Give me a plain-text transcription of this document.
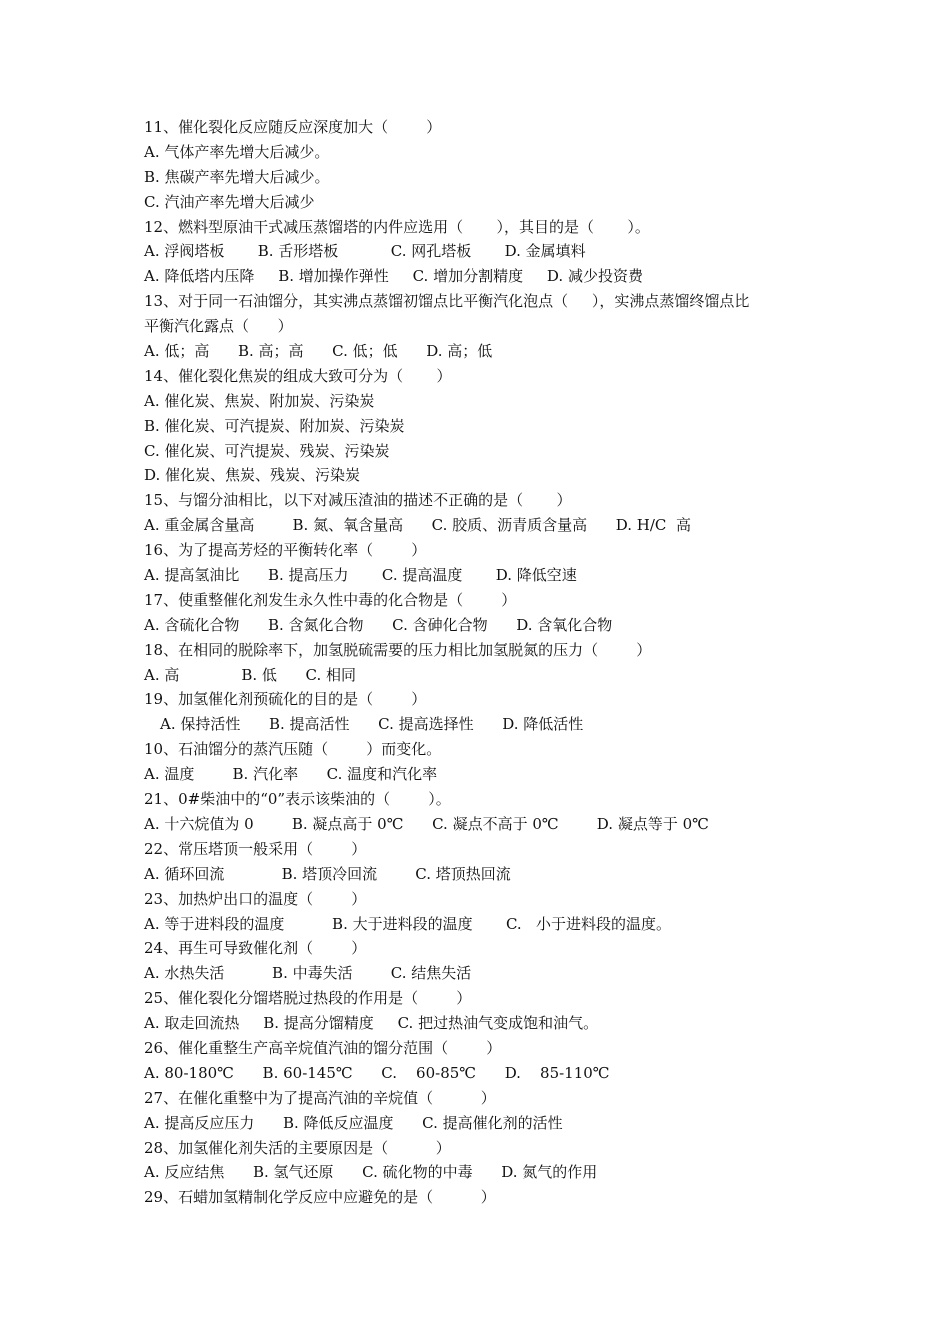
11、催化裂化反应随反应深度加大（        ）
A. 气体产率先增大后减少。
B. 焦碳产率先增大后减少。
C. 汽油产率先增大后减少
12、燃料型原油干式减压蒸馏塔的内件应选用（       ），其目的是（       ）。
A. 浮阀塔板       B. 舌形塔板           C. 网孔塔板       D. 金属填料
A. 降低塔内压降     B. 增加操作弹性     C. 增加分割精度     D. 减少投资费
13、对于同一石油馏分，其实沸点蒸馏初馏点比平衡汽化泡点（     ），实沸点蒸馏终馏点比
平衡汽化露点（      ）
A. 低；高      B. 高；高      C. 低；低      D. 高；低
14、催化裂化焦炭的组成大致可分为（       ）
A. 催化炭、焦炭、附加炭、污染炭
B. 催化炭、可汽提炭、附加炭、污染炭
C. 催化炭、可汽提炭、残炭、污染炭
D. 催化炭、焦炭、残炭、污染炭
15、与馏分油相比，以下对减压渣油的描述不正确的是（       ）
A. 重金属含量高        B. 氮、氧含量高      C. 胶质、沥青质含量高      D. H/C  高
16、为了提高芳烃的平衡转化率（        ）
A. 提高氢油比      B. 提高压力       C. 提高温度       D. 降低空速
17、使重整催化剂发生永久性中毒的化合物是（        ）
A. 含硫化合物      B. 含氮化合物      C. 含砷化合物      D. 含氧化合物
18、在相同的脱除率下，加氢脱硫需要的压力相比加氢脱氮的压力（        ）
A. 高             B. 低      C. 相同
19、加氢催化剂预硫化的目的是（        ）
A. 保持活性      B. 提高活性      C. 提高选择性      D. 降低活性
10、石油馏分的蒸汽压随（        ）而变化。
A. 温度        B. 汽化率      C. 温度和汽化率
21、0#柴油中的“0”表示该柴油的（        ）。
A. 十六烷值为 0        B. 凝点高于 0℃      C. 凝点不高于 0℃        D. 凝点等于 0℃
22、常压塔顶一般采用（        ）
A. 循环回流            B. 塔顶冷回流        C. 塔顶热回流
23、加热炉出口的温度（        ）
A. 等于进料段的温度          B. 大于进料段的温度       C.   小于进料段的温度。
24、再生可导致催化剂（        ）
A. 水热失活          B. 中毒失活        C. 结焦失活
25、催化裂化分馏塔脱过热段的作用是（        ）
A. 取走回流热     B. 提高分馏精度     C. 把过热油气变成饱和油气。
26、催化重整生产高辛烷值汽油的馏分范围（        ）
A. 80-180℃      B. 60-145℃      C.    60-85℃      D.    85-110℃
27、在催化重整中为了提高汽油的辛烷值（          ）
A. 提高反应压力      B. 降低反应温度      C. 提高催化剂的活性
28、加氢催化剂失活的主要原因是（          ）
A. 反应结焦      B. 氢气还原      C. 硫化物的中毒      D. 氮气的作用
29、石蜡加氢精制化学反应中应避免的是（          ）
